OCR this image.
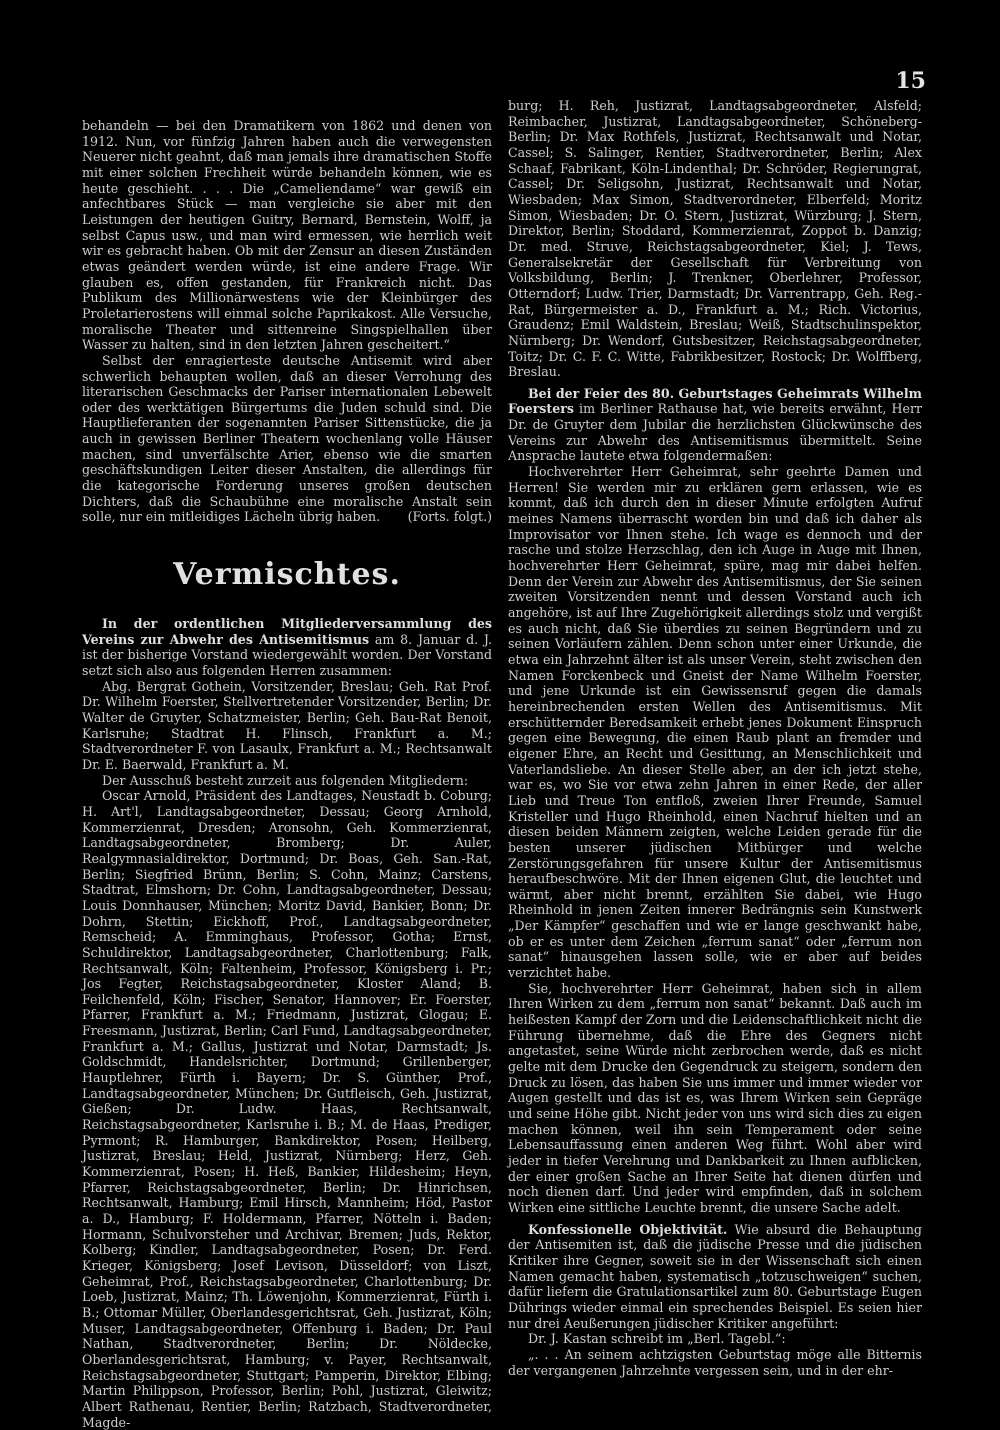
15

behandeln — bei den Dramatikern von 1862 und denen von 1912. Nun, vor fünfzig Jahren haben auch die verwegensten Neuerer nicht geahnt, daß man jemals ihre dramatischen Stoffe mit einer solchen Frechheit würde behandeln können, wie es heute geschieht. . . . Die „Cameliendame“ war gewiß ein anfechtbares Stück — man vergleiche sie aber mit den Leistungen der heutigen Guitry, Bernard, Bernstein, Wolff, ja selbst Capus usw., und man wird ermessen, wie herrlich weit wir es gebracht haben. Ob mit der Zensur an diesen Zuständen etwas geändert werden würde, ist eine andere Frage. Wir glauben es, offen gestanden, für Frankreich nicht. Das Publikum des Millionärwestens wie der Kleinbürger des Proletarierostens will einmal solche Paprikakost. Alle Versuche, moralische Theater und sittenreine Singspielhallen über Wasser zu halten, sind in den letzten Jahren gescheitert.“

Selbst der enragierteste deutsche Antisemit wird aber schwerlich behaupten wollen, daß an dieser Verrohung des literarischen Geschmacks der Pariser internationalen Lebewelt oder des werktätigen Bürgertums die Juden schuld sind. Die Hauptlieferanten der sogenannten Pariser Sittenstücke, die ja auch in gewissen Berliner Theatern wochenlang volle Häuser machen, sind unverfälschte Arier, ebenso wie die smarten geschäftskundigen Leiter dieser Anstalten, die allerdings für die kategorische Forderung unseres großen deutschen Dichters, daß die Schaubühne eine moralische Anstalt sein solle, nur ein mitleidiges Lächeln übrig haben.	(Forts. folgt.)

Vermischtes.

In der ordentlichen Mitgliederversammlung des Vereins zur Abwehr des Antisemitismus am 8. Januar d. J. ist der bisherige Vorstand wiedergewählt worden. Der Vorstand setzt sich also aus folgenden Herren zusammen:

Abg. Bergrat Gothein, Vorsitzender, Breslau; Geh. Rat Prof. Dr. Wilhelm Foerster, Stellvertretender Vorsitzender, Berlin; Dr. Walter de Gruyter, Schatzmeister, Berlin; Geh. Bau-Rat Benoit, Karlsruhe; Stadtrat H. Flinsch, Frankfurt a. M.; Stadtverordneter F. von Lasaulx, Frankfurt a. M.; Rechtsanwalt Dr. E. Baerwald, Frankfurt a. M.

Der Ausschuß besteht zurzeit aus folgenden Mitgliedern:

Oscar Arnold, Präsident des Landtages, Neustadt b. Coburg; H. Art'l, Landtagsabgeordneter, Dessau; Georg Arnhold, Kommerzienrat, Dresden; Aronsohn, Geh. Kommerzienrat, Landtagsabgeordneter, Bromberg; Dr. Auler, Realgymnasialdirektor, Dortmund; Dr. Boas, Geh. San.-Rat, Berlin; Siegfried Brünn, Berlin; S. Cohn, Mainz; Carstens, Stadtrat, Elmshorn; Dr. Cohn, Landtagsabgeordneter, Dessau; Louis Donnhauser, München; Moritz David, Bankier, Bonn; Dr. Dohrn, Stettin; Eickhoff, Prof., Landtagsabgeordneter, Remscheid; A. Emminghaus, Professor, Gotha; Ernst, Schuldirektor, Landtagsabgeordneter, Charlottenburg; Falk, Rechtsanwalt, Köln; Faltenheim, Professor, Königsberg i. Pr.; Jos Fegter, Reichstagsabgeordneter, Kloster Aland; B. Feilchenfeld, Köln; Fischer, Senator, Hannover; Er. Foerster, Pfarrer, Frankfurt a. M.; Friedmann, Justizrat, Glogau; E. Freesmann, Justizrat, Berlin; Carl Fund, Landtagsabgeordneter, Frankfurt a. M.; Gallus, Justizrat und Notar, Darmstadt; Js. Goldschmidt, Handelsrichter, Dortmund; Grillenberger, Hauptlehrer, Fürth i. Bayern; Dr. S. Günther, Prof., Landtagsabgeordneter, München; Dr. Gutfleisch, Geh. Justizrat, Gießen; Dr. Ludw. Haas, Rechtsanwalt, Reichstagsabgeordneter, Karlsruhe i. B.; M. de Haas, Prediger, Pyrmont; R. Hamburger, Bankdirektor, Posen; Heilberg, Justizrat, Breslau; Held, Justizrat, Nürnberg; Herz, Geh. Kommerzienrat, Posen; H. Heß, Bankier, Hildesheim; Heyn, Pfarrer, Reichstagsabgeordneter, Berlin; Dr. Hinrichsen, Rechtsanwalt, Hamburg; Emil Hirsch, Mannheim; Höd, Pastor a. D., Hamburg; F. Holdermann, Pfarrer, Nötteln i. Baden; Hormann, Schulvorsteher und Archivar, Bremen; Juds, Rektor, Kolberg; Kindler, Landtagsabgeordneter, Posen; Dr. Ferd. Krieger, Königsberg; Josef Levison, Düsseldorf; von Liszt, Geheimrat, Prof., Reichstagsabgeordneter, Charlottenburg; Dr. Loeb, Justizrat, Mainz; Th. Löwenjohn, Kommerzienrat, Fürth i. B.; Ottomar Müller, Oberlandesgerichtsrat, Geh. Justizrat, Köln; Muser, Landtagsabgeordneter, Offenburg i. Baden; Dr. Paul Nathan, Stadtverordneter, Berlin; Dr. Nöldecke, Oberlandesgerichtsrat, Hamburg; v. Payer, Rechtsanwalt, Reichstagsabgeordneter, Stuttgart; Pamperin, Direktor, Elbing; Martin Philippson, Professor, Berlin; Pohl, Justizrat, Gleiwitz; Albert Rathenau, Rentier, Berlin; Ratzbach, Stadtverordneter, Magde-

burg; H. Reh, Justizrat, Landtagsabgeordneter, Alsfeld; Reimbacher, Justizrat, Landtagsabgeordneter, Schöneberg-Berlin; Dr. Max Rothfels, Justizrat, Rechtsanwalt und Notar, Cassel; S. Salinger, Rentier, Stadtverordneter, Berlin; Alex Schaaf, Fabrikant, Köln-Lindenthal; Dr. Schröder, Regierungrat, Cassel; Dr. Seligsohn, Justizrat, Rechtsanwalt und Notar, Wiesbaden; Max Simon, Stadtverordneter, Elberfeld; Moritz Simon, Wiesbaden; Dr. O. Stern, Justizrat, Würzburg; J. Stern, Direktor, Berlin; Stoddard, Kommerzienrat, Zoppot b. Danzig; Dr. med. Struve, Reichstagsabgeordneter, Kiel; J. Tews, Generalsekretär der Gesellschaft für Verbreitung von Volksbildung, Berlin; J. Trenkner, Oberlehrer, Professor, Otterndorf; Ludw. Trier, Darmstadt; Dr. Varrentrapp, Geh. Reg.-Rat, Bürgermeister a. D., Frankfurt a. M.; Rich. Victorius, Graudenz; Emil Waldstein, Breslau; Weiß, Stadtschulinspektor, Nürnberg; Dr. Wendorf, Gutsbesitzer, Reichstagsabgeordneter, Toitz; Dr. C. F. C. Witte, Fabrikbesitzer, Rostock; Dr. Wolffberg, Breslau.

Bei der Feier des 80. Geburtstages Geheimrats Wilhelm Foersters im Berliner Rathause hat, wie bereits erwähnt, Herr Dr. de Gruyter dem Jubilar die herzlichsten Glückwünsche des Vereins zur Abwehr des Antisemitismus übermittelt. Seine Ansprache lautete etwa folgendermaßen:

Hochverehrter Herr Geheimrat, sehr geehrte Damen und Herren! Sie werden mir zu erklären gern erlassen, wie es kommt, daß ich durch den in dieser Minute erfolgten Aufruf meines Namens überrascht worden bin und daß ich daher als Improvisator vor Ihnen stehe. Ich wage es dennoch und der rasche und stolze Herzschlag, den ich Auge in Auge mit Ihnen, hochverehrter Herr Geheimrat, spüre, mag mir dabei helfen. Denn der Verein zur Abwehr des Antisemitismus, der Sie seinen zweiten Vorsitzenden nennt und dessen Vorstand auch ich angehöre, ist auf Ihre Zugehörigkeit allerdings stolz und vergißt es auch nicht, daß Sie überdies zu seinen Begründern und zu seinen Vorläufern zählen. Denn schon unter einer Urkunde, die etwa ein Jahrzehnt älter ist als unser Verein, steht zwischen den Namen Forckenbeck und Gneist der Name Wilhelm Foerster, und jene Urkunde ist ein Gewissensruf gegen die damals hereinbrechenden ersten Wellen des Antisemitismus. Mit erschütternder Beredsamkeit erhebt jenes Dokument Einspruch gegen eine Bewegung, die einen Raub plant an fremder und eigener Ehre, an Recht und Gesittung, an Menschlichkeit und Vaterlandsliebe. An dieser Stelle aber, an der ich jetzt stehe, war es, wo Sie vor etwa zehn Jahren in einer Rede, der aller Lieb und Treue Ton entfloß, zweien Ihrer Freunde, Samuel Kristeller und Hugo Rheinhold, einen Nachruf hielten und an diesen beiden Männern zeigten, welche Leiden gerade für die besten unserer jüdischen Mitbürger und welche Zerstörungsgefahren für unsere Kultur der Antisemitismus heraufbeschwöre. Mit der Ihnen eigenen Glut, die leuchtet und wärmt, aber nicht brennt, erzählten Sie dabei, wie Hugo Rheinhold in jenen Zeiten innerer Bedrängnis sein Kunstwerk „Der Kämpfer“ geschaffen und wie er lange geschwankt habe, ob er es unter dem Zeichen „ferrum sanat“ oder „ferrum non sanat“ hinausgehen lassen solle, wie er aber auf beides verzichtet habe.

Sie, hochverehrter Herr Geheimrat, haben sich in allem Ihren Wirken zu dem „ferrum non sanat“ bekannt. Daß auch im heißesten Kampf der Zorn und die Leidenschaftlichkeit nicht die Führung übernehme, daß die Ehre des Gegners nicht angetastet, seine Würde nicht zerbrochen werde, daß es nicht gelte mit dem Drucke den Gegendruck zu steigern, sondern den Druck zu lösen, das haben Sie uns immer und immer wieder vor Augen gestellt und das ist es, was Ihrem Wirken sein Gepräge und seine Höhe gibt. Nicht jeder von uns wird sich dies zu eigen machen können, weil ihn sein Temperament oder seine Lebensauffassung einen anderen Weg führt. Wohl aber wird jeder in tiefer Verehrung und Dankbarkeit zu Ihnen aufblicken, der einer großen Sache an Ihrer Seite hat dienen dürfen und noch dienen darf. Und jeder wird empfinden, daß in solchem Wirken eine sittliche Leuchte brennt, die unsere Sache adelt.

Konfessionelle Objektivität. Wie absurd die Behauptung der Antisemiten ist, daß die jüdische Presse und die jüdischen Kritiker ihre Gegner, soweit sie in der Wissenschaft sich einen Namen gemacht haben, systematisch „totzuschweigen“ suchen, dafür liefern die Gratulationsartikel zum 80. Geburtstage Eugen Dührings wieder einmal ein sprechendes Beispiel. Es seien hier nur drei Aeußerungen jüdischer Kritiker angeführt:

Dr. J. Kastan schreibt im „Berl. Tagebl.“:

„. . . An seinem achtzigsten Geburtstag möge alle Bitternis der vergangenen Jahrzehnte vergessen sein, und in der ehr-
